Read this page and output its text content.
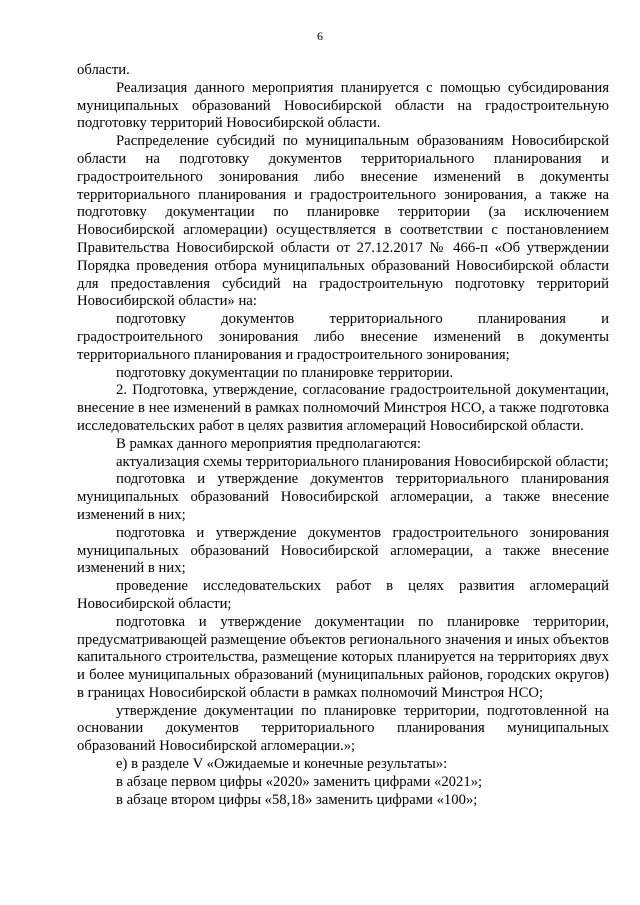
6

области.

Реализация данного мероприятия планируется с помощью субсидирования муниципальных образований Новосибирской области на градостроительную подготовку территорий Новосибирской области.

Распределение субсидий по муниципальным образованиям Новосибирской области на подготовку документов территориального планирования и градостроительного зонирования либо внесение изменений в документы территориального планирования и градостроительного зонирования, а также на подготовку документации по планировке территории (за исключением Новосибирской агломерации) осуществляется в соответствии с постановлением Правительства Новосибирской области от 27.12.2017 № 466-п «Об утверждении Порядка проведения отбора муниципальных образований Новосибирской области для предоставления субсидий на градостроительную подготовку территорий Новосибирской области» на:

подготовку документов территориального планирования и градостроительного зонирования либо внесение изменений в документы территориального планирования и градостроительного зонирования;

подготовку документации по планировке территории.

2. Подготовка, утверждение, согласование градостроительной документации, внесение в нее изменений в рамках полномочий Минстроя НСО, а также подготовка исследовательских работ в целях развития агломераций Новосибирской области.

В рамках данного мероприятия предполагаются:

актуализация схемы территориального планирования Новосибирской области;

подготовка и утверждение документов территориального планирования муниципальных образований Новосибирской агломерации, а также внесение изменений в них;

подготовка и утверждение документов градостроительного зонирования муниципальных образований Новосибирской агломерации, а также внесение изменений в них;

проведение исследовательских работ в целях развития агломераций Новосибирской области;

подготовка и утверждение документации по планировке территории, предусматривающей размещение объектов регионального значения и иных объектов капитального строительства, размещение которых планируется на территориях двух и более муниципальных образований (муниципальных районов, городских округов) в границах Новосибирской области в рамках полномочий Минстроя НСО;

утверждение документации по планировке территории, подготовленной на основании документов территориального планирования муниципальных образований Новосибирской агломерации.»;

е) в разделе V «Ожидаемые и конечные результаты»:

в абзаце первом цифры «2020» заменить цифрами «2021»;

в абзаце втором цифры «58,18» заменить цифрами «100»;
